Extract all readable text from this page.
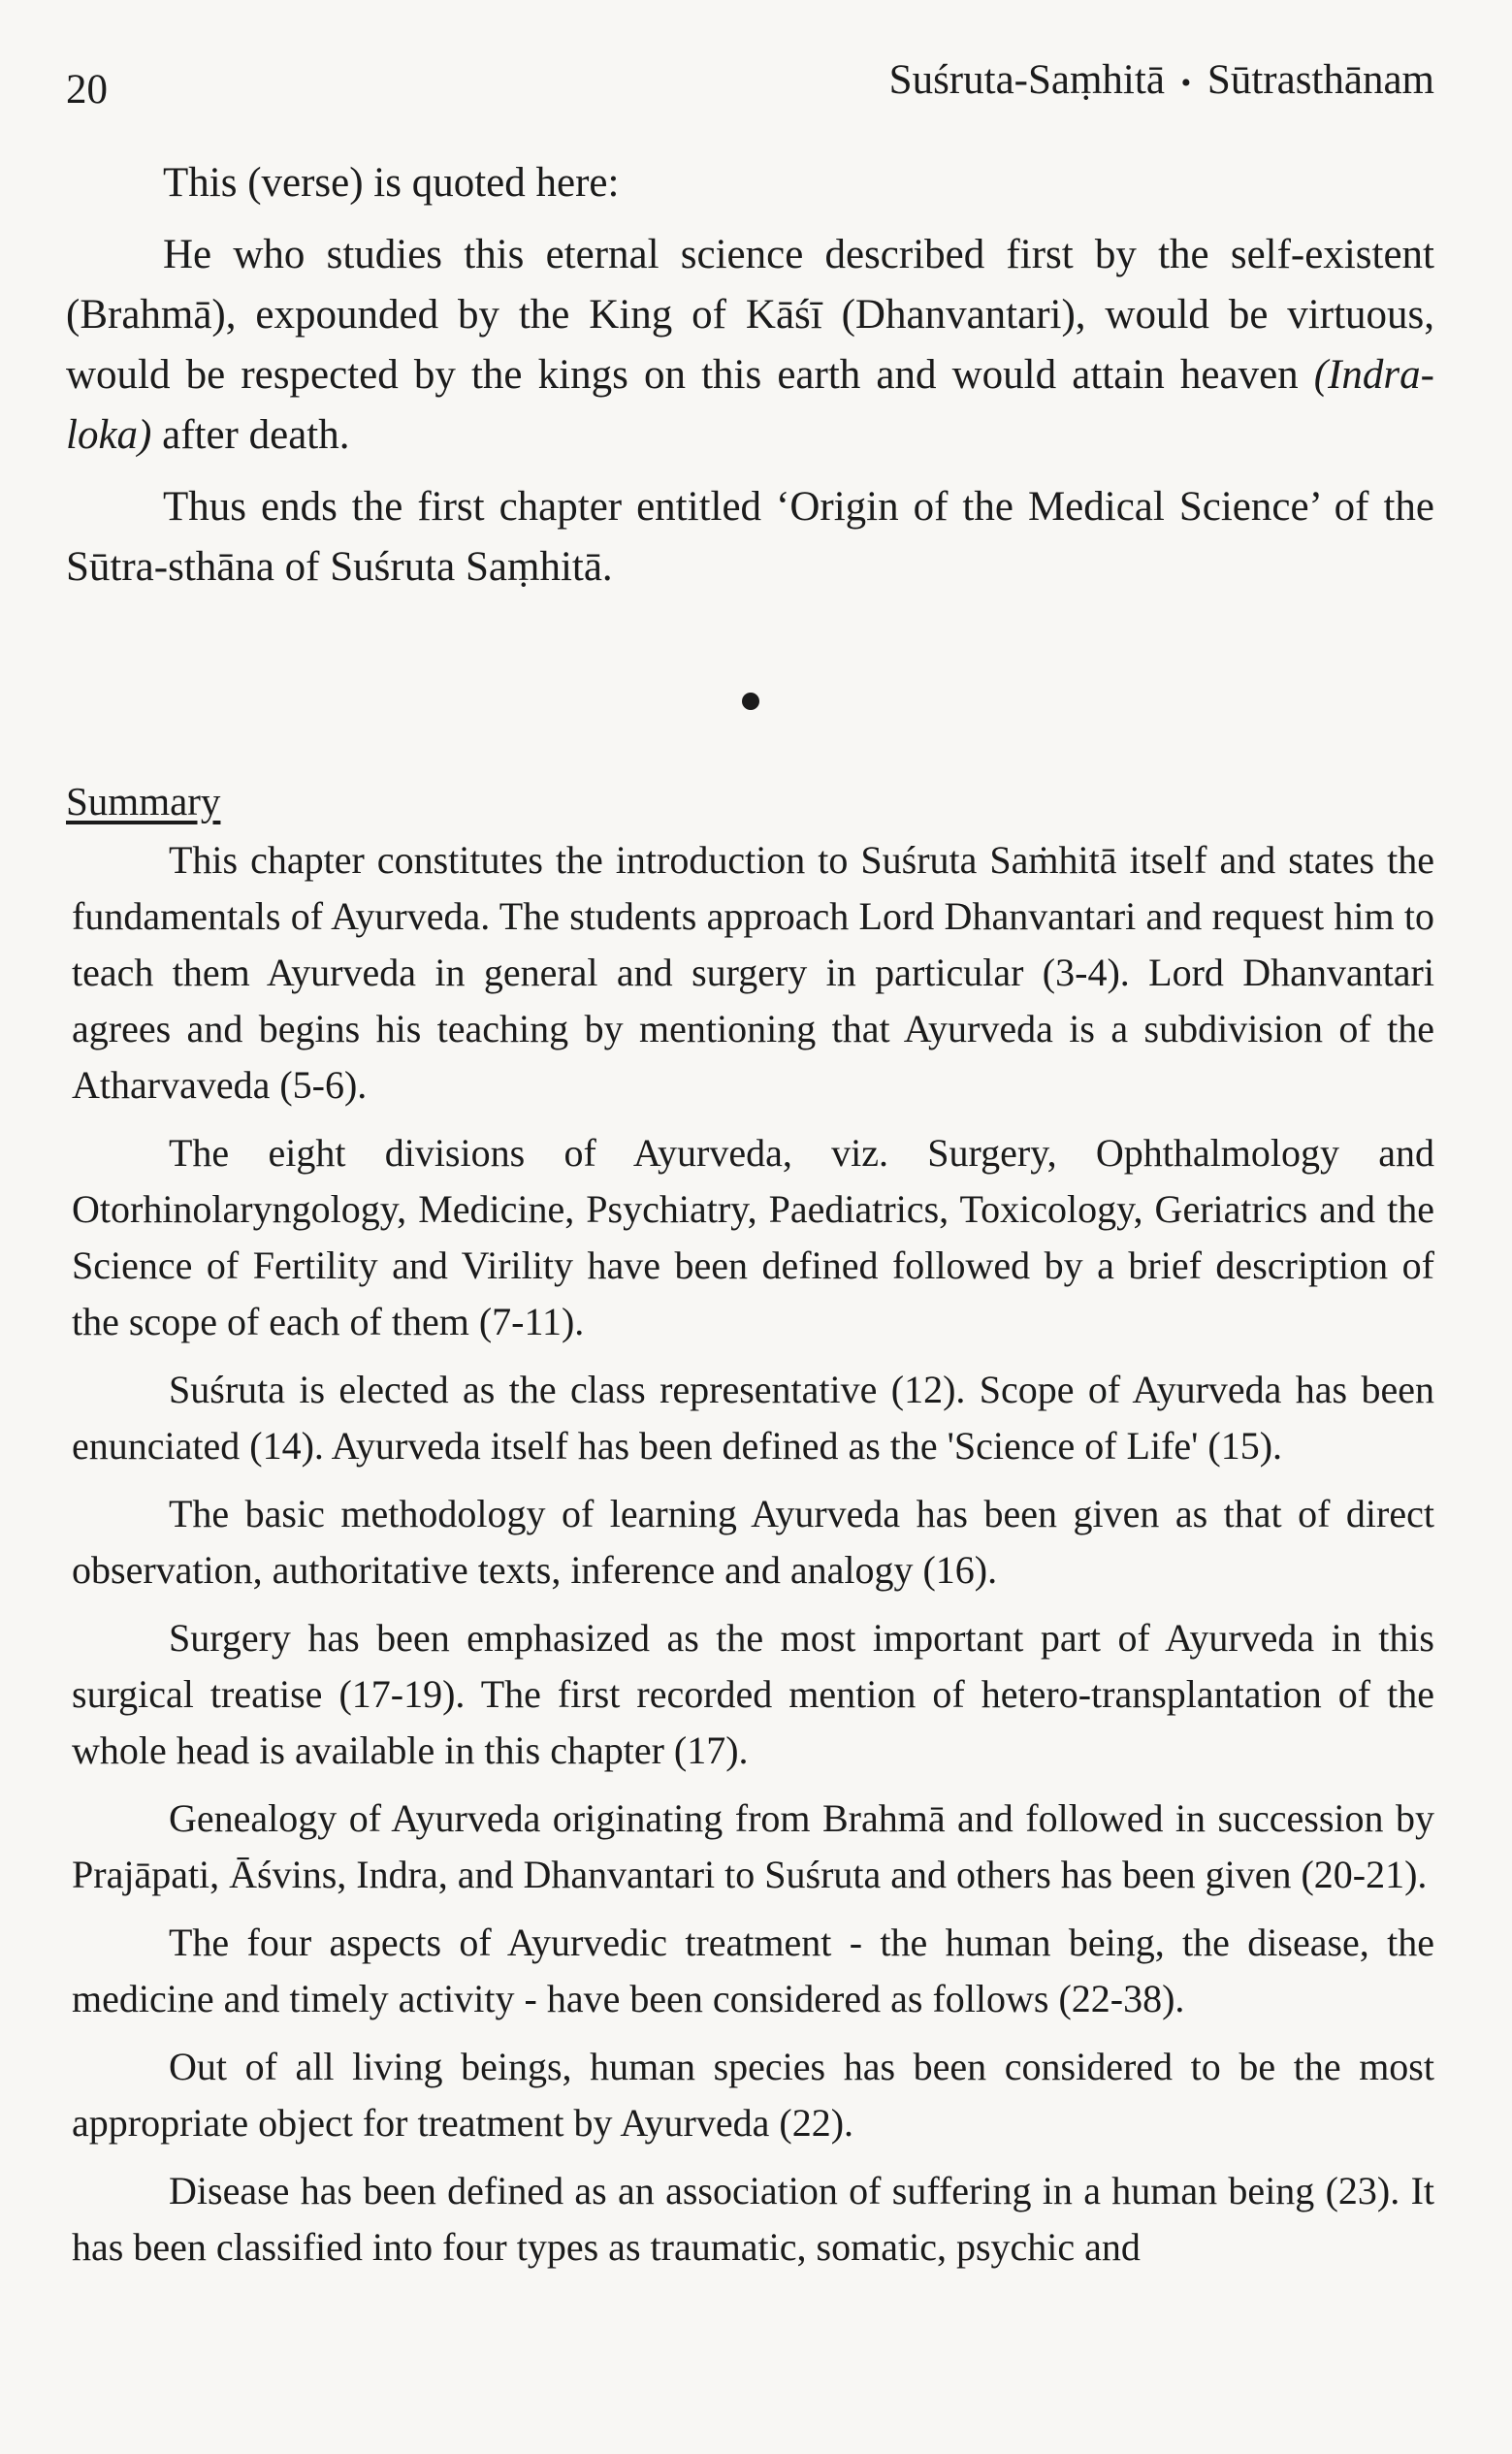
20	Suśruta-Saṃhitā • Sūtrasthānam

This (verse) is quoted here:

He who studies this eternal science described first by the self-existent (Brahmā), expounded by the King of Kāśī (Dhanvantari), would be virtuous, would be respected by the kings on this earth and would attain heaven (Indra-loka) after death.

Thus ends the first chapter entitled ‘Origin of the Medical Science’ of the Sūtra-sthāna of Suśruta Saṃhitā.

Summary

This chapter constitutes the introduction to Suśruta Saṁhitā itself and states the fundamentals of Ayurveda. The students approach Lord Dhanvantari and request him to teach them Ayurveda in general and surgery in particular (3-4). Lord Dhanvantari agrees and begins his teaching by mentioning that Ayurveda is a subdivision of the Atharvaveda (5-6).

The eight divisions of Ayurveda, viz. Surgery, Ophthalmology and Otorhinolaryngology, Medicine, Psychiatry, Paediatrics, Toxicology, Geriatrics and the Science of Fertility and Virility have been defined followed by a brief description of the scope of each of them (7-11).

Suśruta is elected as the class representative (12). Scope of Ayurveda has been enunciated (14). Ayurveda itself has been defined as the 'Science of Life' (15).

The basic methodology of learning Ayurveda has been given as that of direct observation, authoritative texts, inference and analogy (16).

Surgery has been emphasized as the most important part of Ayurveda in this surgical treatise (17-19). The first recorded mention of hetero-transplantation of the whole head is available in this chapter (17).

Genealogy of Ayurveda originating from Brahmā and followed in succession by Prajāpati, Āśvins, Indra, and Dhanvantari to Suśruta and others has been given (20-21).

The four aspects of Ayurvedic treatment - the human being, the disease, the medicine and timely activity - have been considered as follows (22-38).

Out of all living beings, human species has been considered to be the most appropriate object for treatment by Ayurveda (22).

Disease has been defined as an association of suffering in a human being (23). It has been classified into four types as traumatic, somatic, psychic and
